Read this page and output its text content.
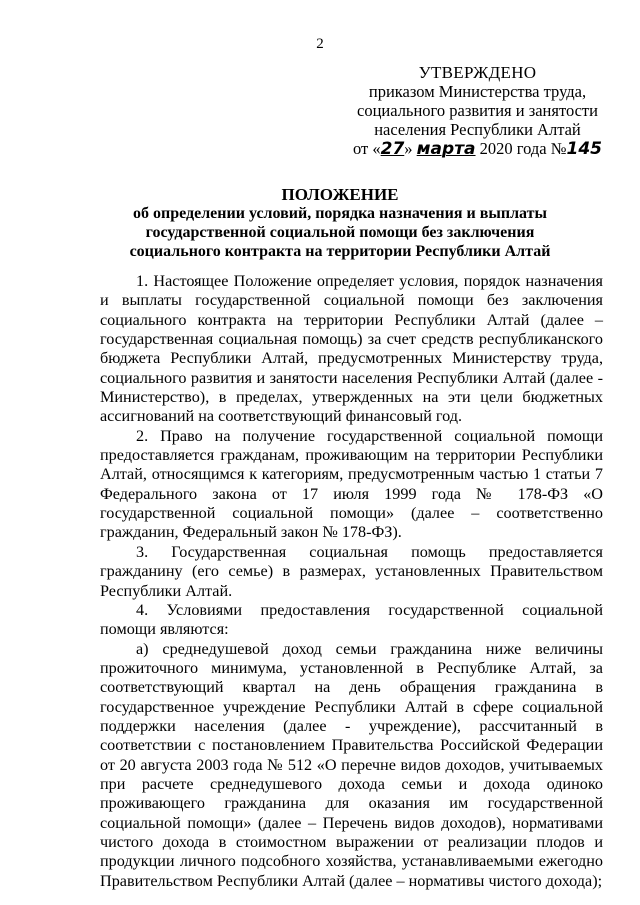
2
УТВЕРЖДЕНО
приказом Министерства труда,
социального развития и занятости
населения Республики Алтай
от «27» марта 2020 года №145
ПОЛОЖЕНИЕ
об определении условий, порядка назначения и выплаты государственной социальной помощи без заключения социального контракта на территории Республики Алтай

1. Настоящее Положение определяет условия, порядок назначения и выплаты государственной социальной помощи без заключения социального контракта на территории Республики Алтай (далее – государственная социальная помощь) за счет средств республиканского бюджета Республики Алтай, предусмотренных Министерству труда, социального развития и занятости населения Республики Алтай (далее - Министерство), в пределах, утвержденных на эти цели бюджетных ассигнований на соответствующий финансовый год.

2. Право на получение государственной социальной помощи предоставляется гражданам, проживающим на территории Республики Алтай, относящимся к категориям, предусмотренным частью 1 статьи 7 Федерального закона от 17 июля 1999 года № 178-ФЗ «О государственной социальной помощи» (далее – соответственно гражданин, Федеральный закон № 178-ФЗ).

3. Государственная социальная помощь предоставляется гражданину (его семье) в размерах, установленных Правительством Республики Алтай.

4. Условиями предоставления государственной социальной помощи являются:

а) среднедушевой доход семьи гражданина ниже величины прожиточного минимума, установленной в Республике Алтай, за соответствующий квартал на день обращения гражданина в государственное учреждение Республики Алтай в сфере социальной поддержки населения (далее - учреждение), рассчитанный в соответствии с постановлением Правительства Российской Федерации от 20 августа 2003 года № 512 «О перечне видов доходов, учитываемых при расчете среднедушевого дохода семьи и дохода одиноко проживающего гражданина для оказания им государственной социальной помощи» (далее – Перечень видов доходов), нормативами чистого дохода в стоимостном выражении от реализации плодов и продукции личного подсобного хозяйства, устанавливаемыми ежегодно Правительством Республики Алтай (далее – нормативы чистого дохода);
